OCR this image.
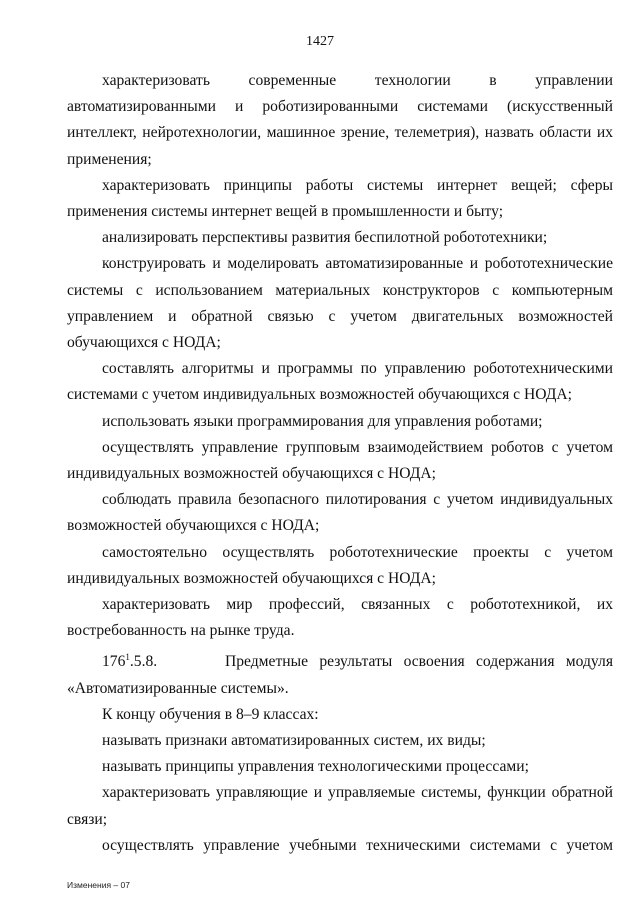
1427

характеризовать современные технологии в управлении автоматизированными и роботизированными системами (искусственный интеллект, нейротехнологии, машинное зрение, телеметрия), назвать области их применения;

характеризовать принципы работы системы интернет вещей; сферы применения системы интернет вещей в промышленности и быту;

анализировать перспективы развития беспилотной робототехники;

конструировать и моделировать автоматизированные и робототехнические системы с использованием материальных конструкторов с компьютерным управлением и обратной связью с учетом двигательных возможностей обучающихся с НОДА;

составлять алгоритмы и программы по управлению робототехническими системами с учетом индивидуальных возможностей обучающихся с НОДА;

использовать языки программирования для управления роботами;

осуществлять управление групповым взаимодействием роботов с учетом индивидуальных возможностей обучающихся с НОДА;

соблюдать правила безопасного пилотирования с учетом индивидуальных возможностей обучающихся с НОДА;

самостоятельно осуществлять робототехнические проекты с учетом индивидуальных возможностей обучающихся с НОДА;

характеризовать мир профессий, связанных с робототехникой, их востребованность на рынке труда.

$176^1.5.8$.	Предметные результаты освоения содержания модуля «Автоматизированные системы».

К концу обучения в 8–9 классах:

называть признаки автоматизированных систем, их виды;

называть принципы управления технологическими процессами;

характеризовать управляющие и управляемые системы, функции обратной связи;

осуществлять управление учебными техническими системами с учетом

Изменения – 07
